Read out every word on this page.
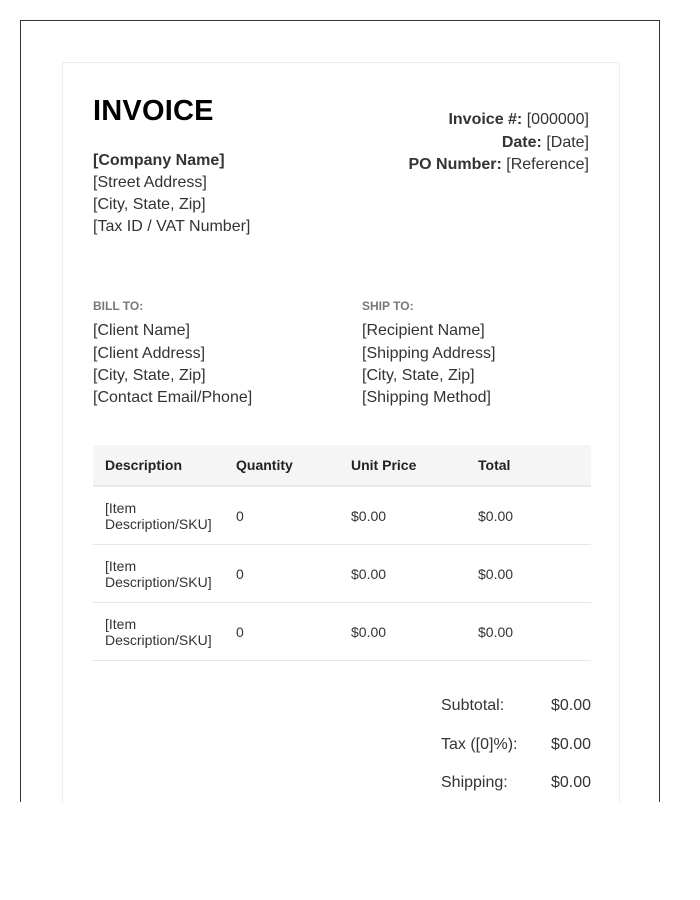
INVOICE
[Company Name]
[Street Address]
[City, State, Zip]
[Tax ID / VAT Number]
Invoice #: [000000]
Date: [Date]
PO Number: [Reference]
BILL TO:
[Client Name]
[Client Address]
[City, State, Zip]
[Contact Email/Phone]
SHIP TO:
[Recipient Name]
[Shipping Address]
[City, State, Zip]
[Shipping Method]
Description	Quantity	Unit Price	Total
[Item Description/SKU]	0	$0.00	$0.00
[Item Description/SKU]	0	$0.00	$0.00
[Item Description/SKU]	0	$0.00	$0.00
Subtotal:	$0.00
Tax ([0]%): $0.00
Shipping:	$0.00
